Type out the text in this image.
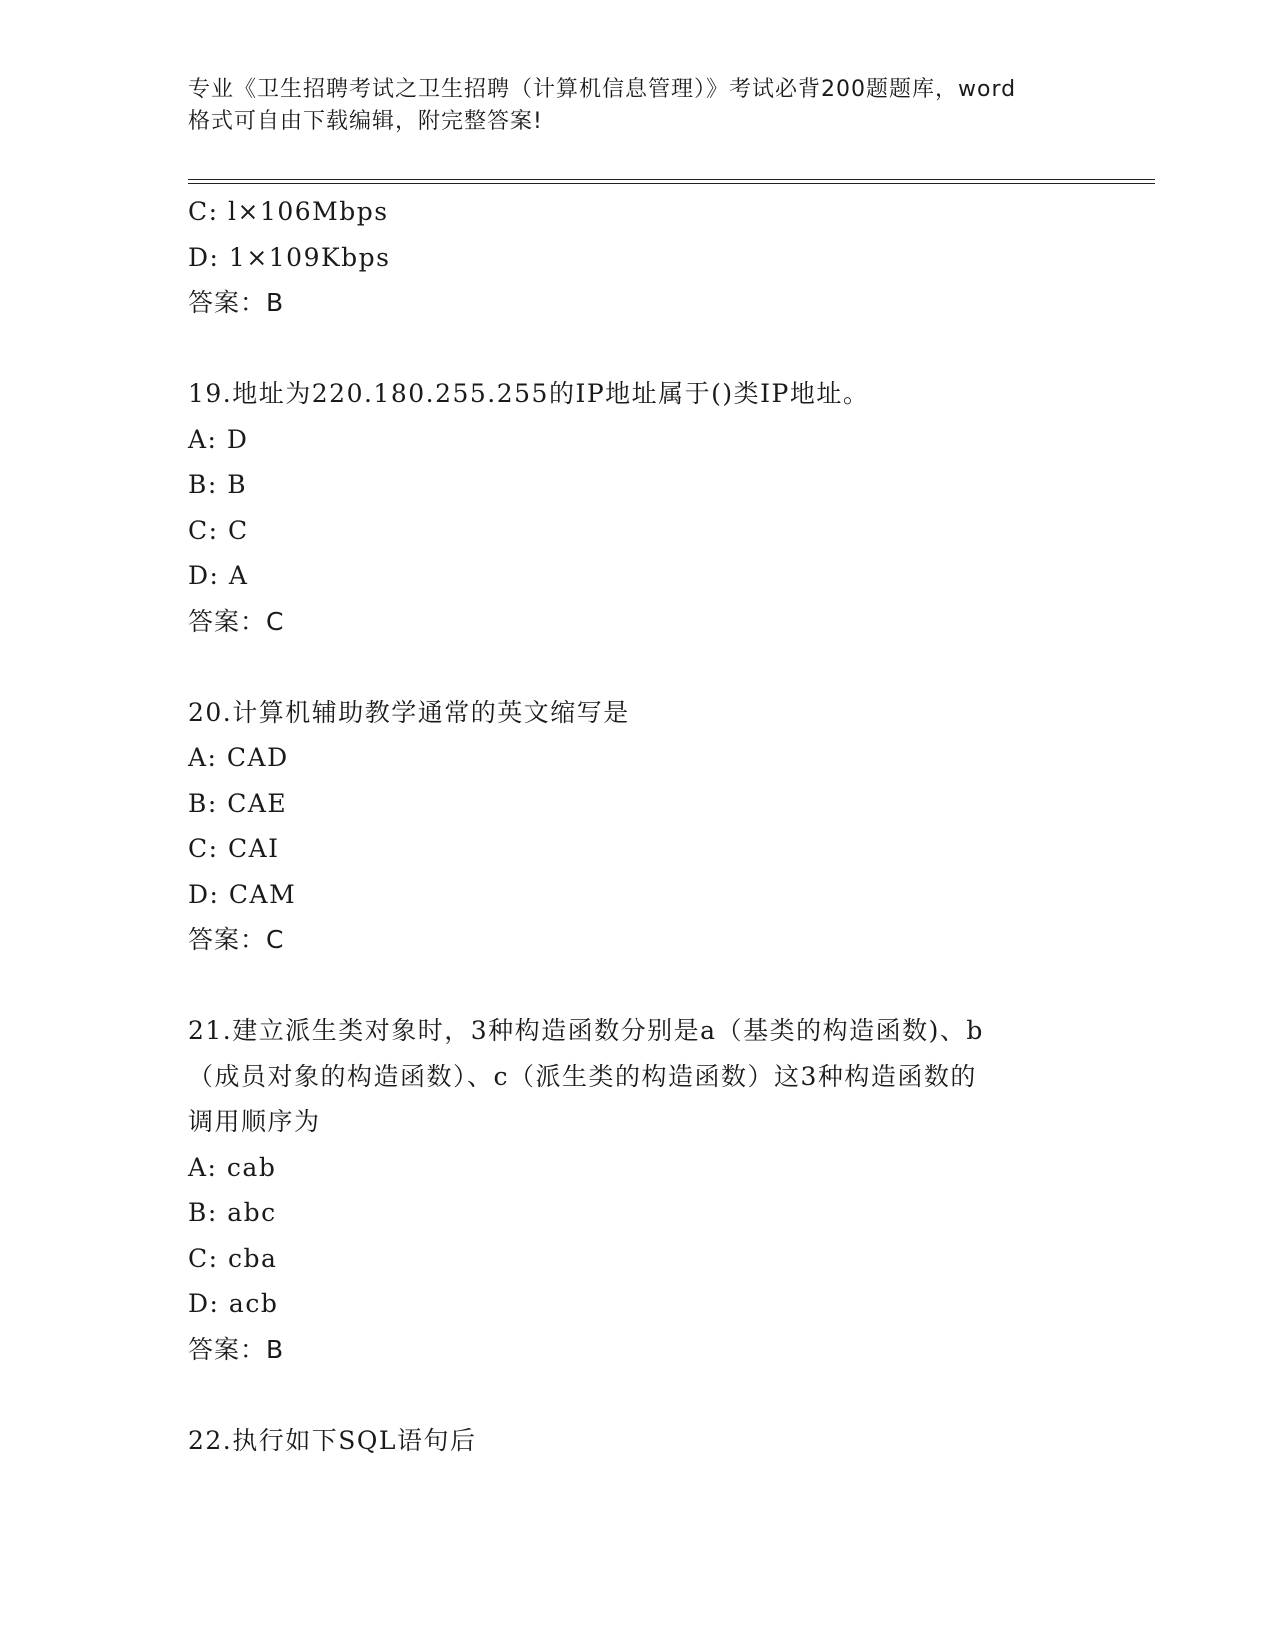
专业《卫生招聘考试之卫生招聘（计算机信息管理）》考试必背200题题库，word
格式可自由下载编辑，附完整答案!
C: l×106Mbps
D: 1×109Kbps
答案：B
19.地址为220.180.255.255的IP地址属于()类IP地址。
A: D
B: B
C: C
D: A
答案：C
20.计算机辅助教学通常的英文缩写是
A: CAD
B: CAE
C: CAI
D: CAM
答案：C
21.建立派生类对象时，3种构造函数分别是a（基类的构造函数)、b
（成员对象的构造函数）、c（派生类的构造函数）这3种构造函数的
调用顺序为
A: cab
B: abc
C: cba
D: acb
答案：B
22.执行如下SQL语句后
